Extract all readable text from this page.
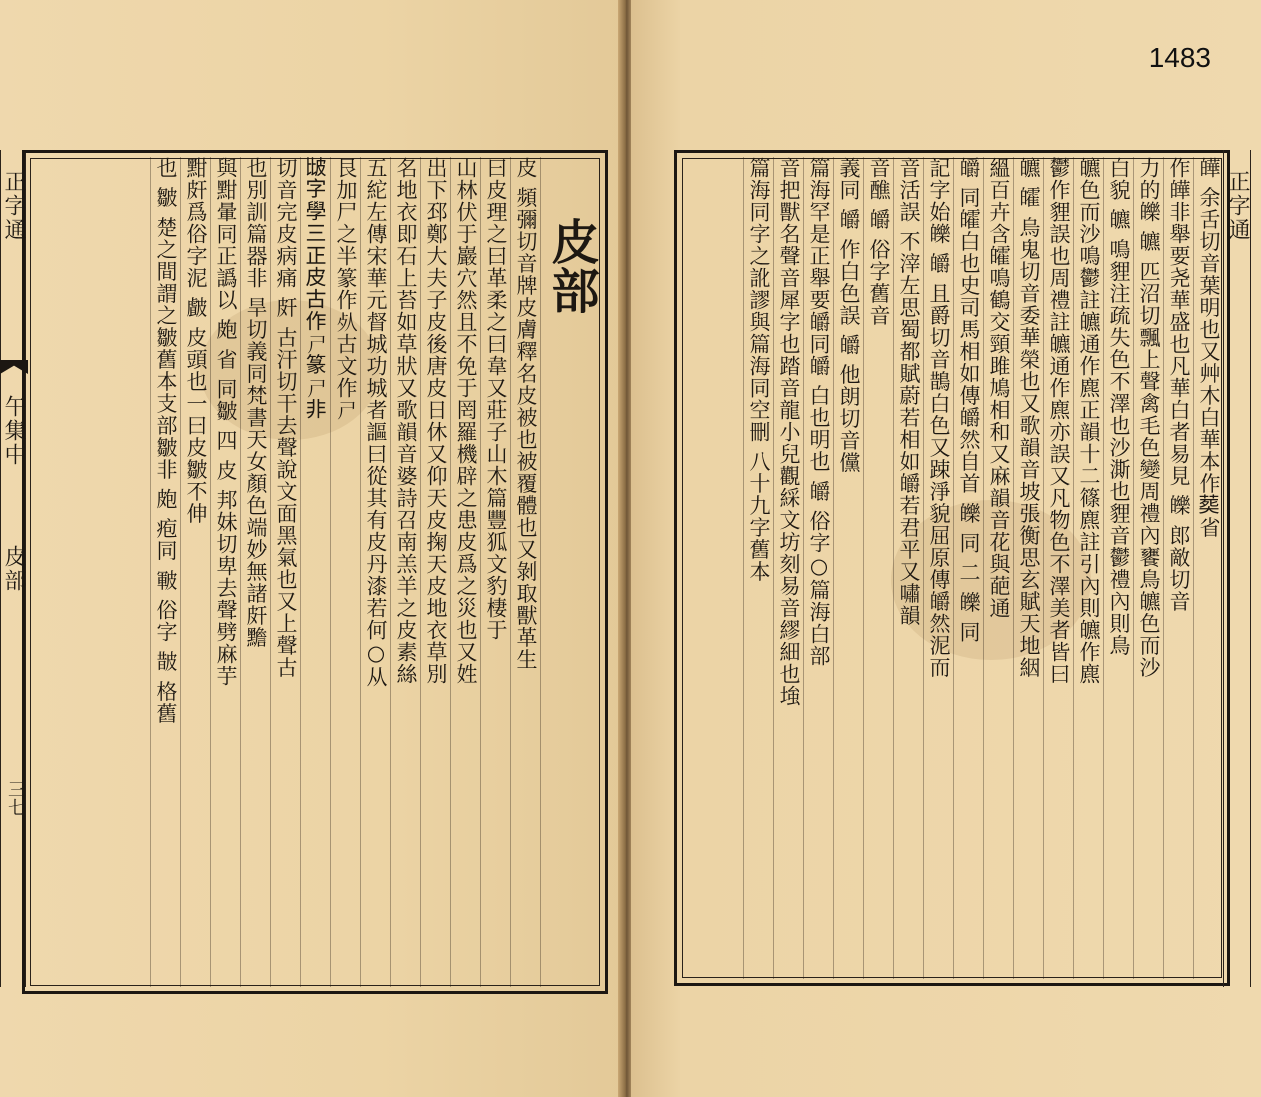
正字通
午集中
皮部
三七
皮部
皮 頻彌切音牌皮膚釋名皮被也被覆體也又剝取獸革生
曰皮理之曰革柔之曰韋又莊子山木篇豐狐文豹棲于
山林伏于巖穴然且不免于罔羅機辟之患皮爲之災也又姓
出下邳鄭大夫子皮後唐皮日休又仰天皮掬天皮地衣草別
名地衣即石上苔如草狀又歌韻音婆詩召南羔羊之皮素絲
五紽左傳宋華元督城功城者謳曰從其有皮丹漆若何○从
艮加尸之半篆作𣦸古文作𡰣
𤿎字學三正皮古作𡰣篆𡰣非
切音完皮病痛 皯 古汗切干去聲說文面黑氣也又上聲古
也別訓篇器非 旱切義同梵書天女顏色端妙無諸皯黵
與黚暈同正譌以 皰 省 同皺 四 皮 邦妹切卑去聲劈麻芋
黚皯爲俗字泥 皻 皮頭也一曰皮皺不伸
也 皺 楚之間謂之皺舊本支部皺非 皰 疱同 皸 俗字 皵 格舊	皣 余舌切音葉明也又艸木白華本作𦵏省
作皣非舉要尧華盛也凡華白者易見 皪 郎敵切音
力的皪 皫 匹沼切飄上聲禽毛色變周禮內饔鳥皫色而沙
白貌 皫 鳴貍注疏失色不澤也沙澌也貍音鬱禮內則鳥
皫色而沙鳴鬱註皫通作麃正韻十二篠麃註引內則皫作麃
鬱作貍誤也周禮註皫通作麃亦誤又凡物色不澤美者皆曰
皫 皬 烏鬼切音委華榮也又歌韻音坡張衡思玄賦天地絪
縕百卉含皬鳴鶴交頸雎鳩相和又麻韻音花與葩通
皭 同皬白也史司馬相如傳皭然自首 皪 同 二 皪 同
記字始皪 皭 且爵切音鵲白色又踈淨貌屈原傳皭然泥而
音活誤 不滓左思蜀都賦蔚若相如皭若君平又嘯韻
音醮 皭 俗字舊音
義同 皭 作白色誤 皭 他朗切音儻
篇海罕是正舉要皭同皭 白也明也 皭 俗字○篇海白部
音把獸名聲音犀字也踏音龍小兒觀綵文坊刻易音繆細也𡌺
篇海同字之訛謬與篇海同空刪 八十九字舊本	正字通
1483
